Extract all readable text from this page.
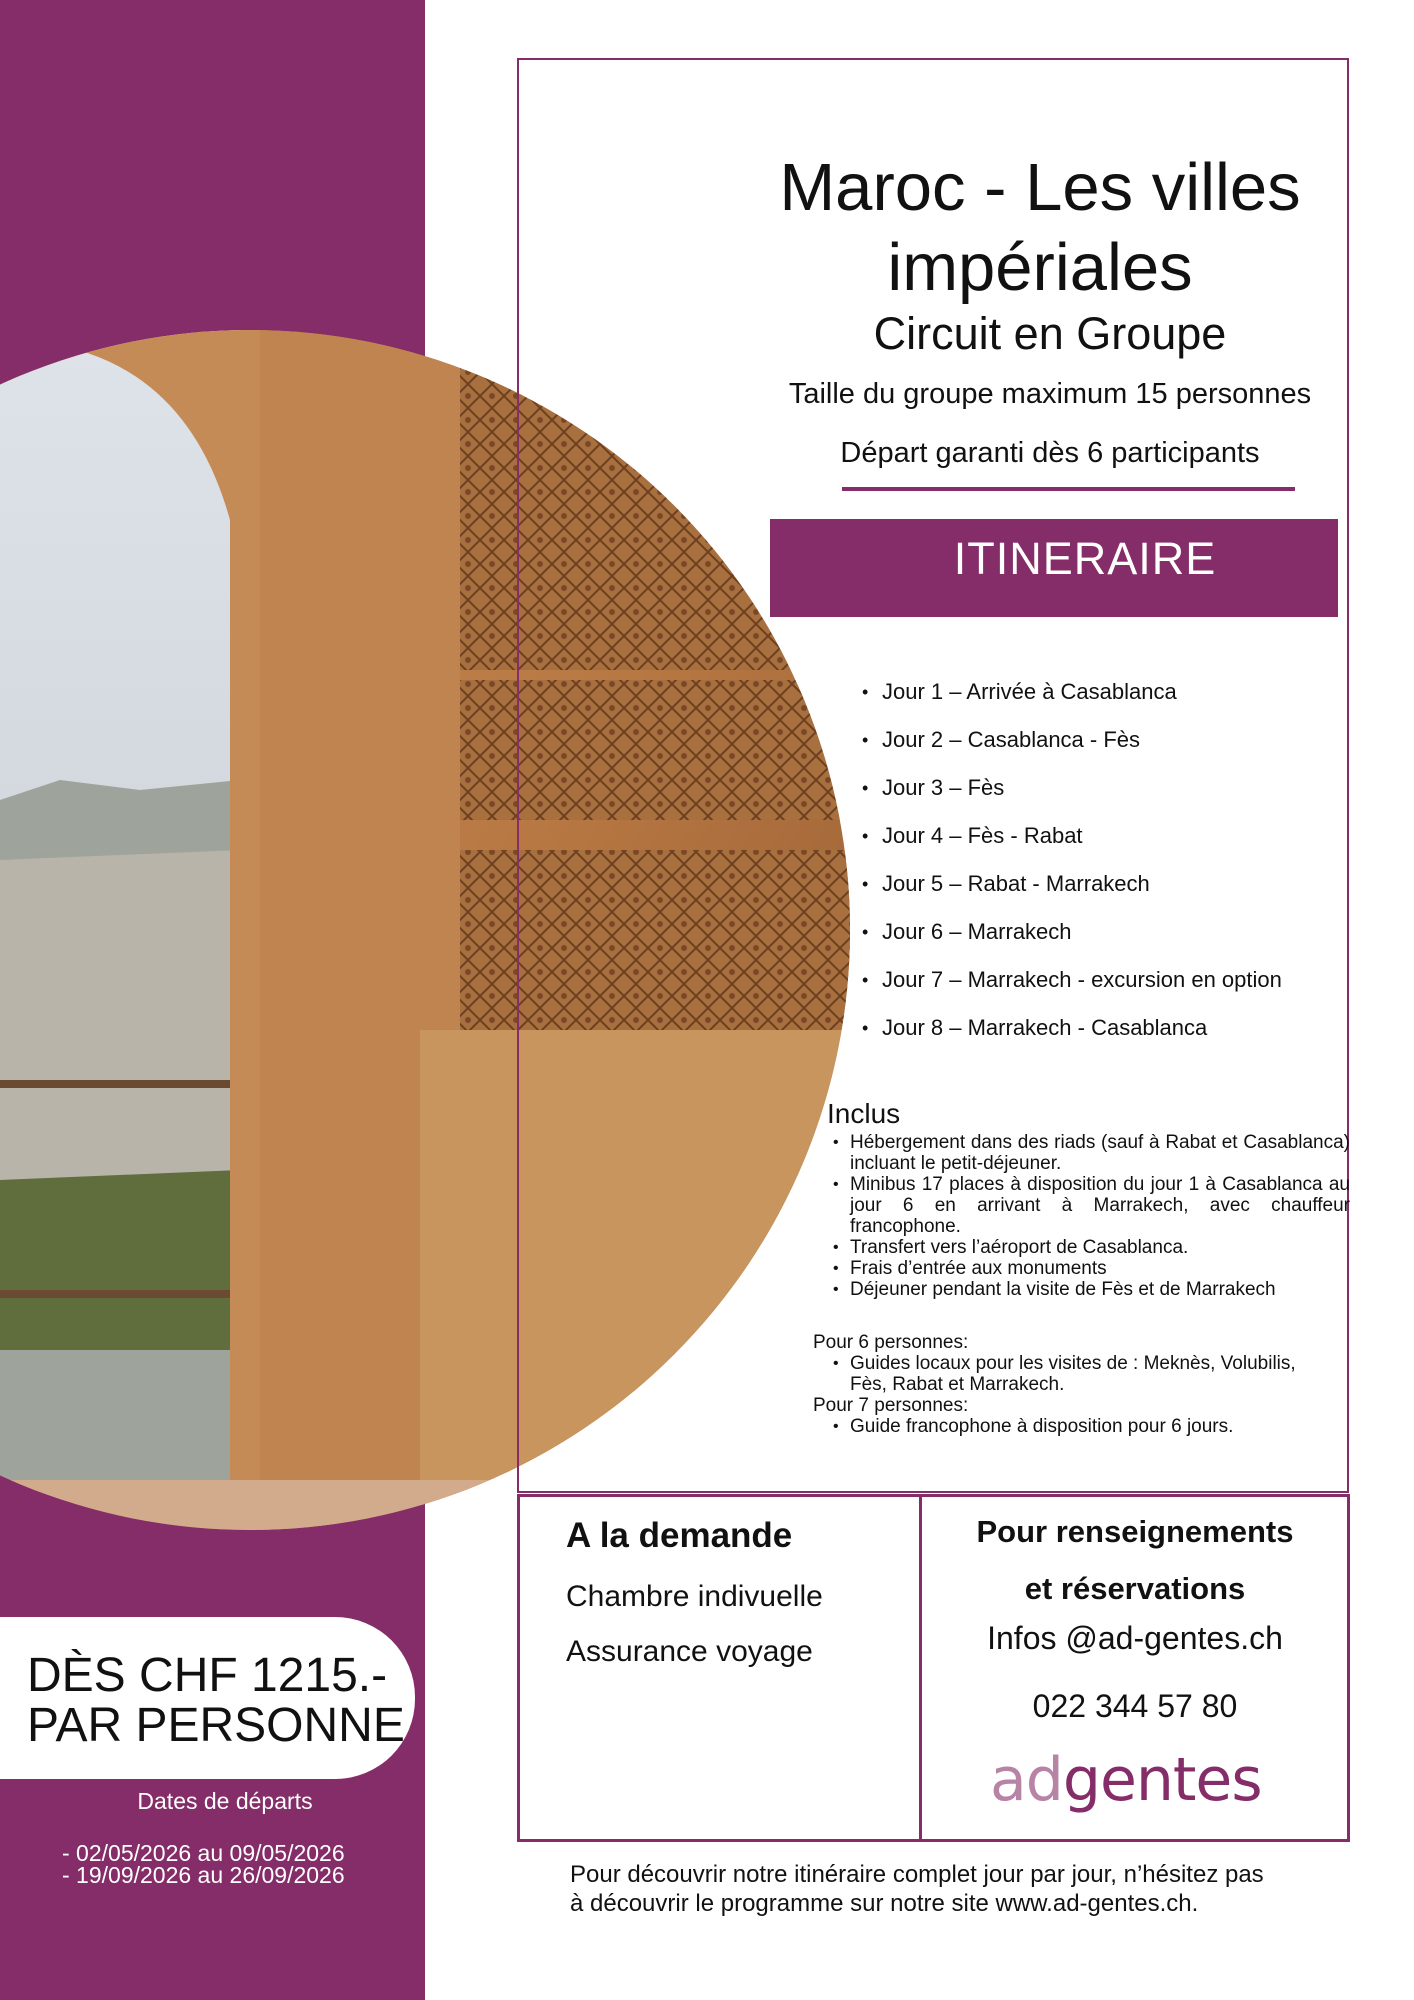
Maroc - Les villes
impériales
Circuit en Groupe
Taille du groupe maximum 15 personnes
Départ garanti dès 6 participants
ITINERAIRE
• Jour 1 – Arrivée à Casablanca
• Jour 2 – Casablanca - Fès
• Jour 3 – Fès
• Jour 4 – Fès - Rabat
• Jour 5 – Rabat - Marrakech
• Jour 6 – Marrakech
• Jour 7 – Marrakech - excursion en option
• Jour 8 – Marrakech - Casablanca
Inclus
• Hébergement dans des riads (sauf à Rabat et Casablanca) incluant le petit-déjeuner.
• Minibus 17 places à disposition du jour 1 à Casablanca au jour 6 en arrivant à Marrakech, avec chauffeur francophone.
• Transfert vers l’aéroport de Casablanca.
• Frais d’entrée aux monuments
• Déjeuner pendant la visite de Fès et de Marrakech
Pour 6 personnes:
• Guides locaux pour les visites de : Meknès, Volubilis, Fès, Rabat et Marrakech.
Pour 7 personnes:
• Guide francophone à disposition pour 6 jours.
A la demande
Chambre indivuelle
Assurance voyage
Pour renseignements
et réservations
Infos @ad-gentes.ch
022 344 57 80
adgentes
DÈS CHF 1215.-
PAR PERSONNE
Dates de départs
- 02/05/2026 au 09/05/2026
- 19/09/2026 au 26/09/2026	Pour découvrir notre itinéraire complet jour par jour, n’hésitez pas
à découvrir le programme sur notre site www.ad-gentes.ch.
